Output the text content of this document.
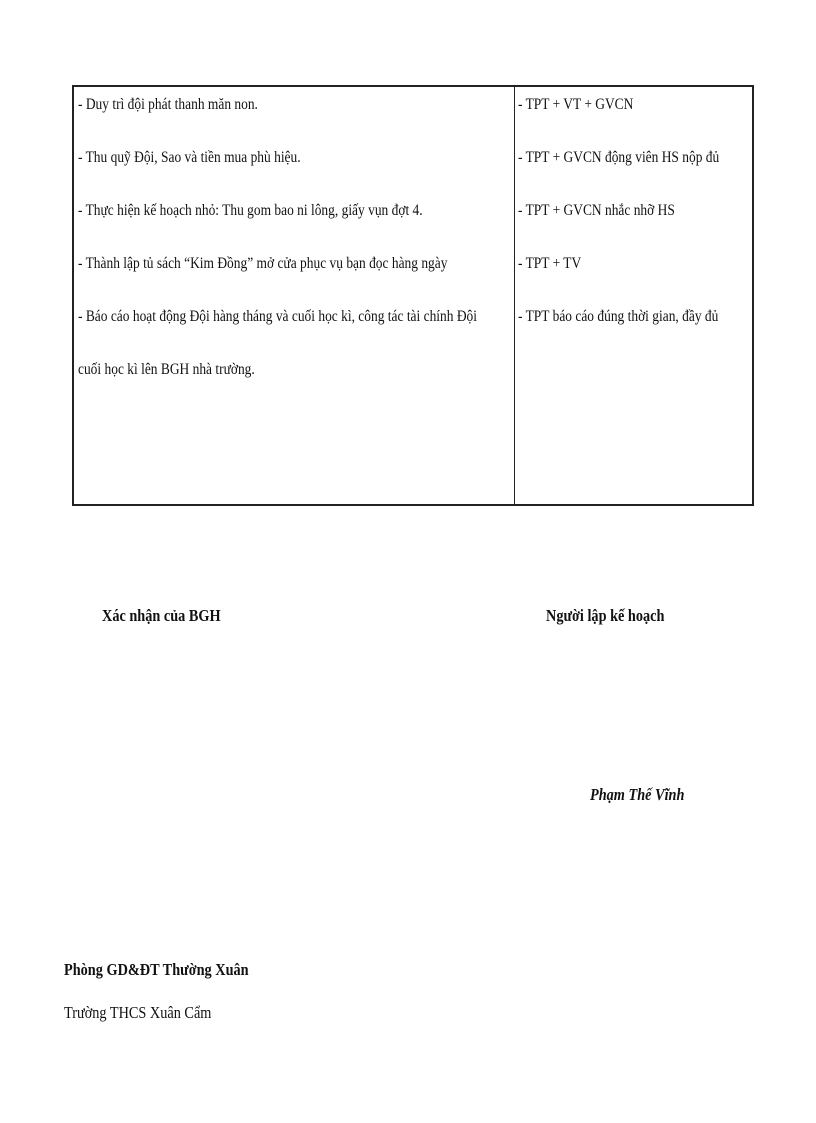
- Duy trì đội phát thanh măn non.
- Thu quỹ Đội, Sao và tiền mua phù hiệu.
- Thực hiện kế hoạch nhỏ: Thu gom bao ni lông, giấy vụn đợt 4.
- Thành lập tủ sách “Kim Đồng” mở cửa phục vụ bạn đọc hàng ngày
- Báo cáo hoạt động Đội hàng tháng và cuối học kì, công tác tài chính Đội
cuối học kì lên BGH nhà trường.
- TPT + VT + GVCN
- TPT + GVCN động viên HS nộp đủ
- TPT + GVCN nhắc nhỡ HS
- TPT + TV
- TPT báo cáo đúng thời gian, đầy đủ
Xác nhận của BGH	Người lập kế hoạch
Phạm Thế Vĩnh
Phòng GD&ĐT Thường Xuân
Trường THCS Xuân Cẩm
